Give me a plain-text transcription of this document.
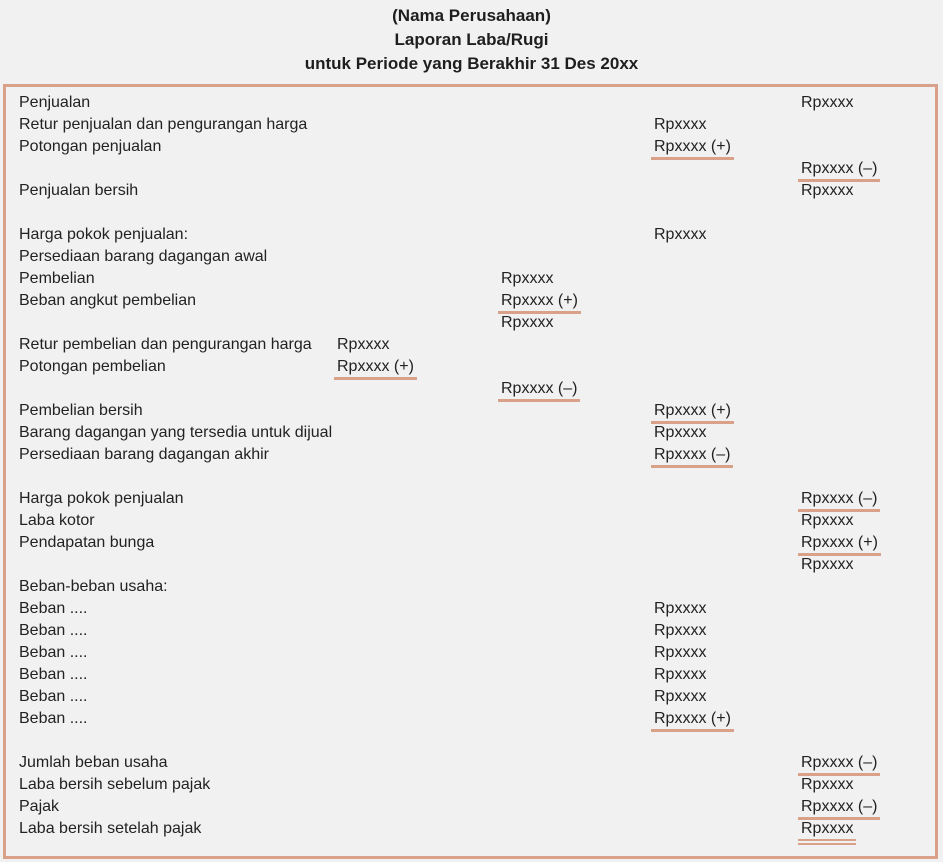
(Nama Perusahaan)
Laporan Laba/Rugi
untuk Periode yang Berakhir 31 Des 20xx
Penjualan	Rpxxxx
Retur penjualan dan pengurangan harga	Rpxxxx
Potongan penjualan	Rpxxxx (+)
Rpxxxx (–)
Penjualan bersih	Rpxxxx
Harga pokok penjualan:	Rpxxxx
Persediaan barang dagangan awal
Pembelian	Rpxxxx
Beban angkut pembelian	Rpxxxx (+)
Rpxxxx
Retur pembelian dan pengurangan harga Rpxxxx
Potongan pembelian	Rpxxxx (+)
Rpxxxx (–)
Pembelian bersih	Rpxxxx (+)
Barang dagangan yang tersedia untuk dijual	Rpxxxx
Persediaan barang dagangan akhir	Rpxxxx (–)
Harga pokok penjualan	Rpxxxx (–)
Laba kotor	Rpxxxx
Pendapatan bunga	Rpxxxx (+)
Rpxxxx
Beban-beban usaha:
Beban ....	Rpxxxx
Beban ....	Rpxxxx
Beban ....	Rpxxxx
Beban ....	Rpxxxx
Beban ....	Rpxxxx
Beban ....	Rpxxxx (+)
Jumlah beban usaha	Rpxxxx (–)
Laba bersih sebelum pajak	Rpxxxx
Pajak	Rpxxxx (–)
Laba bersih setelah pajak	Rpxxxx
